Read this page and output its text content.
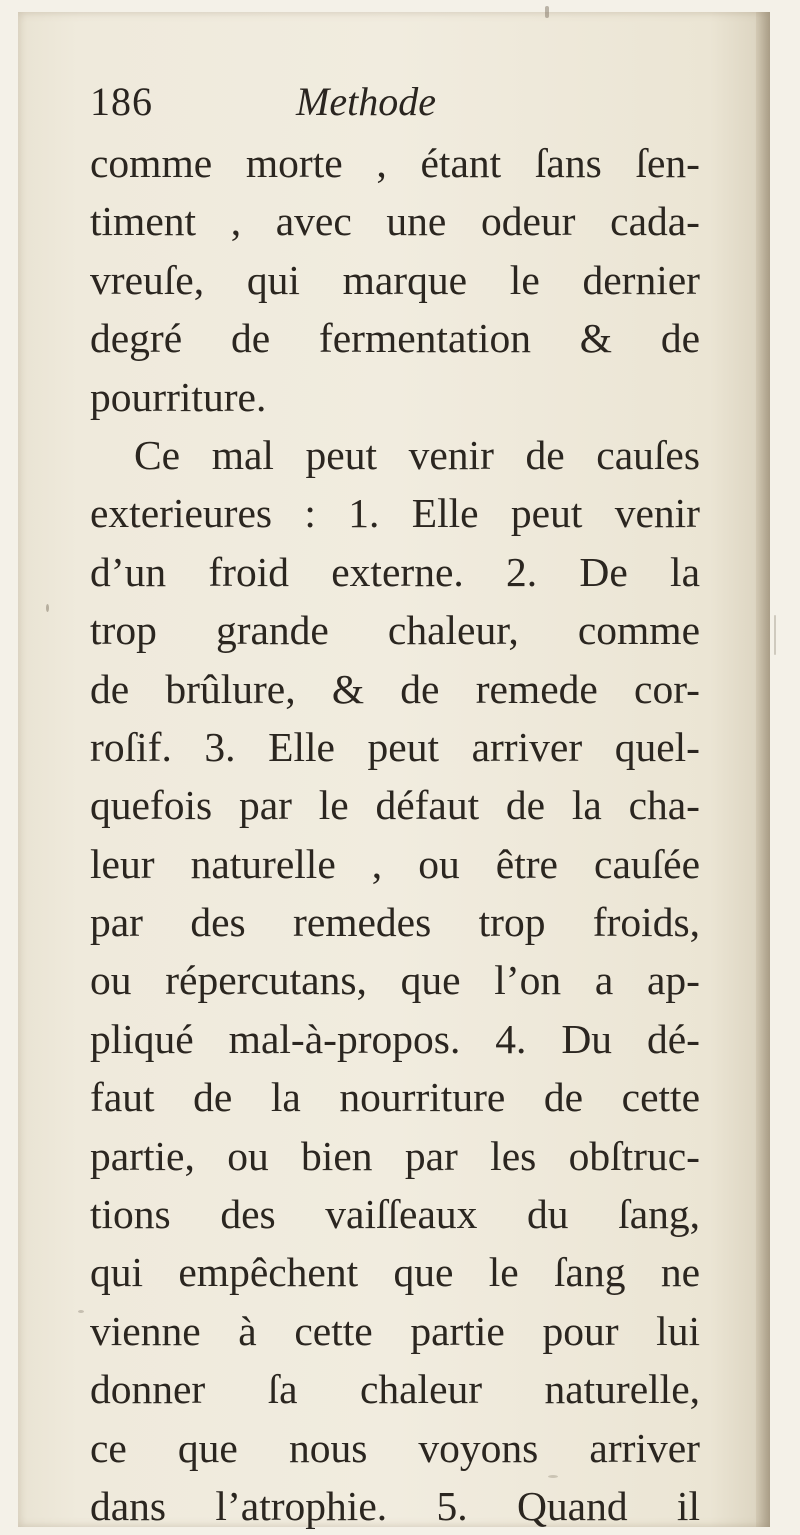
186	Methode
comme morte , étant ſans ſen-
timent , avec une odeur cada-
vreuſe, qui marque le dernier
degré de fermentation & de
pourriture.
Ce mal peut venir de cauſes
exterieures : 1. Elle peut venir
d’un froid externe. 2. De la
trop grande chaleur, comme
de brûlure, & de remede cor-
roſif. 3. Elle peut arriver quel-
quefois par le défaut de la cha-
leur naturelle , ou être cauſée
par des remedes trop froids,
ou répercutans, que l’on a ap-
pliqué mal-à-propos. 4. Du dé-
faut de la nourriture de cette
partie, ou bien par les obſtruc-
tions des vaiſſeaux du ſang,
qui empêchent que le ſang ne
vienne à cette partie pour lui
donner ſa chaleur naturelle,
ce que nous voyons arriver
dans l’atrophie. 5. Quand il
